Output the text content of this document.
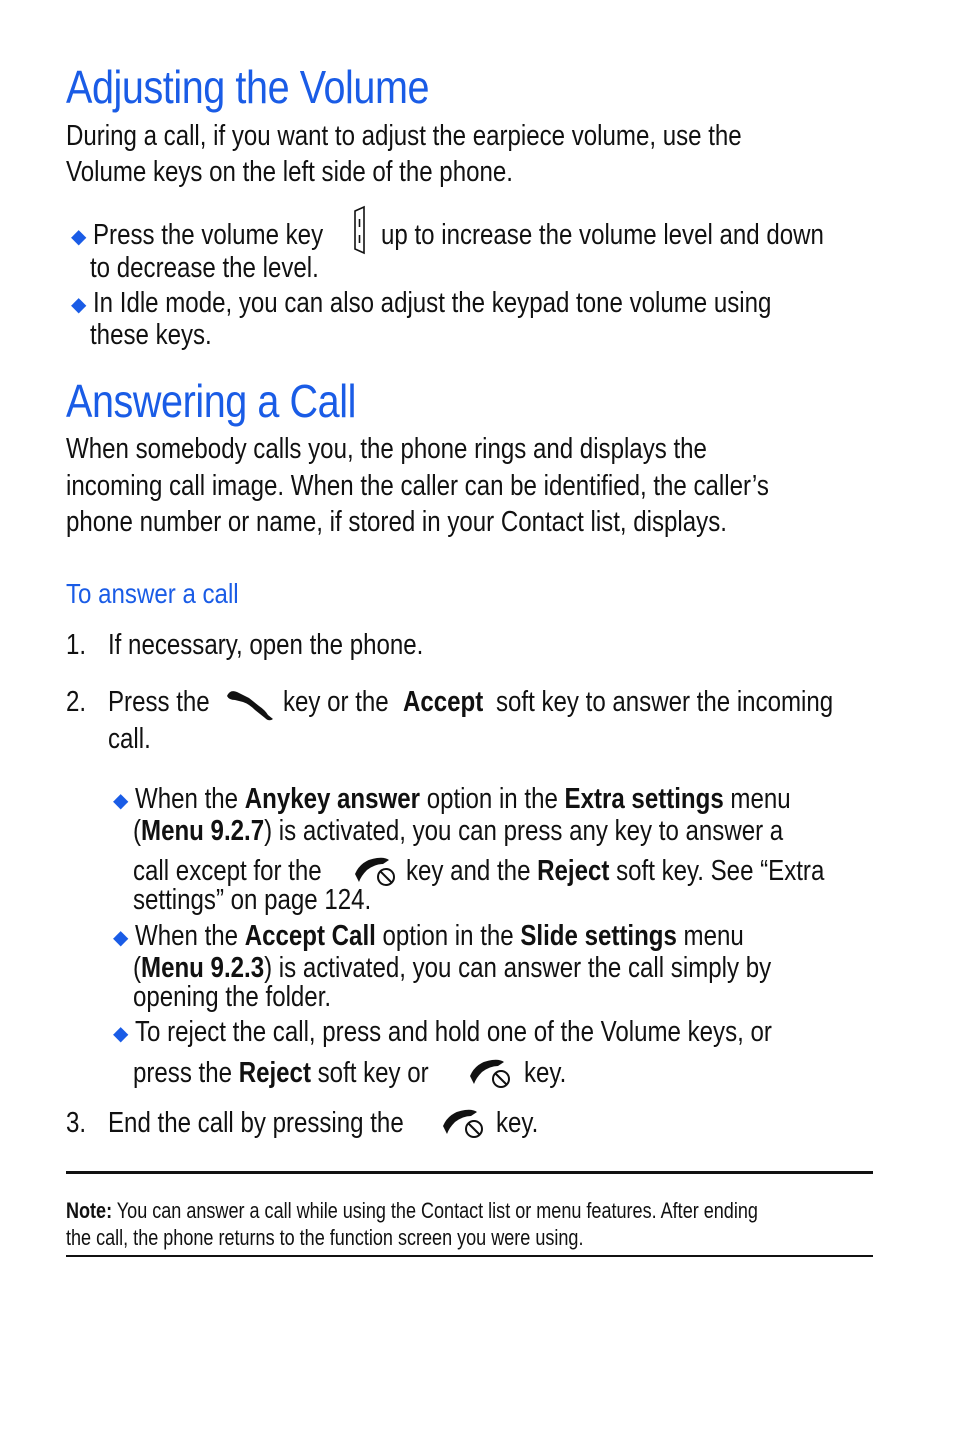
Adjusting the Volume
During a call, if you want to adjust the earpiece volume, use the
Volume keys on the left side of the phone.
◆ Press the volume key up to increase the volume level and down
to decrease the level.
◆ In Idle mode, you can also adjust the keypad tone volume using
these keys.
Answering a Call
When somebody calls you, the phone rings and displays the
incoming call image. When the caller can be identified, the caller’s
phone number or name, if stored in your Contact list, displays.
To answer a call
1. If necessary, open the phone.
2. Press the	key or the Accept soft key to answer the incoming
call.
◆ When the Anykey answer option in the Extra settings menu
(Menu 9.2.7) is activated, you can press any key to answer a
call except for the	key and the Reject soft key. See “Extra
settings” on page 124.
◆ When the Accept Call option in the Slide settings menu
(Menu 9.2.3) is activated, you can answer the call simply by
opening the folder.
◆ To reject the call, press and hold one of the Volume keys, or
press the Reject soft key or	key.
3. End the call by pressing the	key.
Note: You can answer a call while using the Contact list or menu features. After ending
the call, the phone returns to the function screen you were using.
